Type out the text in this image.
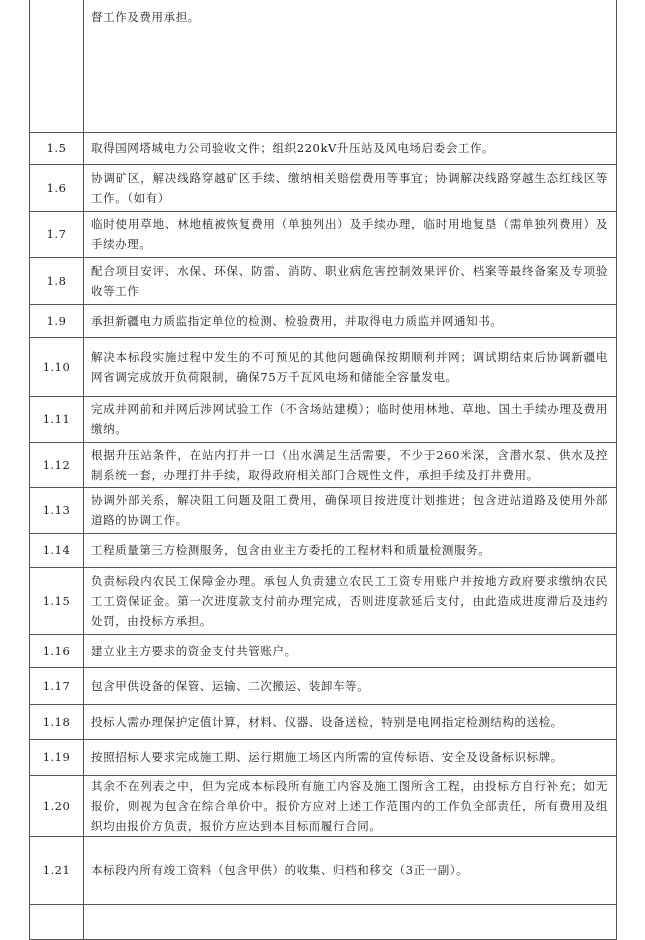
	督工作及费用承担。
1.5	取得国网塔城电力公司验收文件；组织220kV升压站及风电场启委会工作。
1.6	协调矿区，解决线路穿越矿区手续、缴纳相关赔偿费用等事宜；协调解决线路穿越生态红线区等工作。（如有）
1.7	临时使用草地、林地植被恢复费用（单独列出）及手续办理，临时用地复垦（需单独列费用）及手续办理。
1.8	配合项目安评、水保、环保、防雷、消防、职业病危害控制效果评价、档案等最终备案及专项验收等工作
1.9	承担新疆电力质监指定单位的检测、检验费用，并取得电力质监并网通知书。
1.10	解决本标段实施过程中发生的不可预见的其他问题确保按期顺利并网；调试期结束后协调新疆电网省调完成放开负荷限制，确保75万千瓦风电场和储能全容量发电。
1.11	完成并网前和并网后涉网试验工作（不含场站建模）；临时使用林地、草地、国土手续办理及费用缴纳。
1.12	根据升压站条件，在站内打井一口（出水满足生活需要，不少于260米深，含潜水泵、供水及控制系统一套，办理打井手续，取得政府相关部门合规性文件，承担手续及打井费用。
1.13	协调外部关系，解决阻工问题及阻工费用，确保项目按进度计划推进；包含进站道路及使用外部道路的协调工作。
1.14	工程质量第三方检测服务，包含由业主方委托的工程材料和质量检测服务。
1.15	负责标段内农民工保障金办理。承包人负责建立农民工工资专用账户并按地方政府要求缴纳农民工工资保证金。第一次进度款支付前办理完成，否则进度款延后支付，由此造成进度滞后及违约处罚，由投标方承担。
1.16	建立业主方要求的资金支付共管账户。
1.17	包含甲供设备的保管、运输、二次搬运、装卸车等。
1.18	投标人需办理保护定值计算，材料、仪器、设备送检，特别是电网指定检测结构的送检。
1.19	按照招标人要求完成施工期、运行期施工场区内所需的宣传标语、安全及设备标识标牌。
1.20	其余不在列表之中，但为完成本标段所有施工内容及施工图所含工程，由投标方自行补充；如无报价，则视为包含在综合单价中。报价方应对上述工作范围内的工作负全部责任，所有费用及组织均由报价方负责，报价方应达到本目标而履行合同。
1.21	本标段内所有竣工资料（包含甲供）的收集、归档和移交（3正一副）。
